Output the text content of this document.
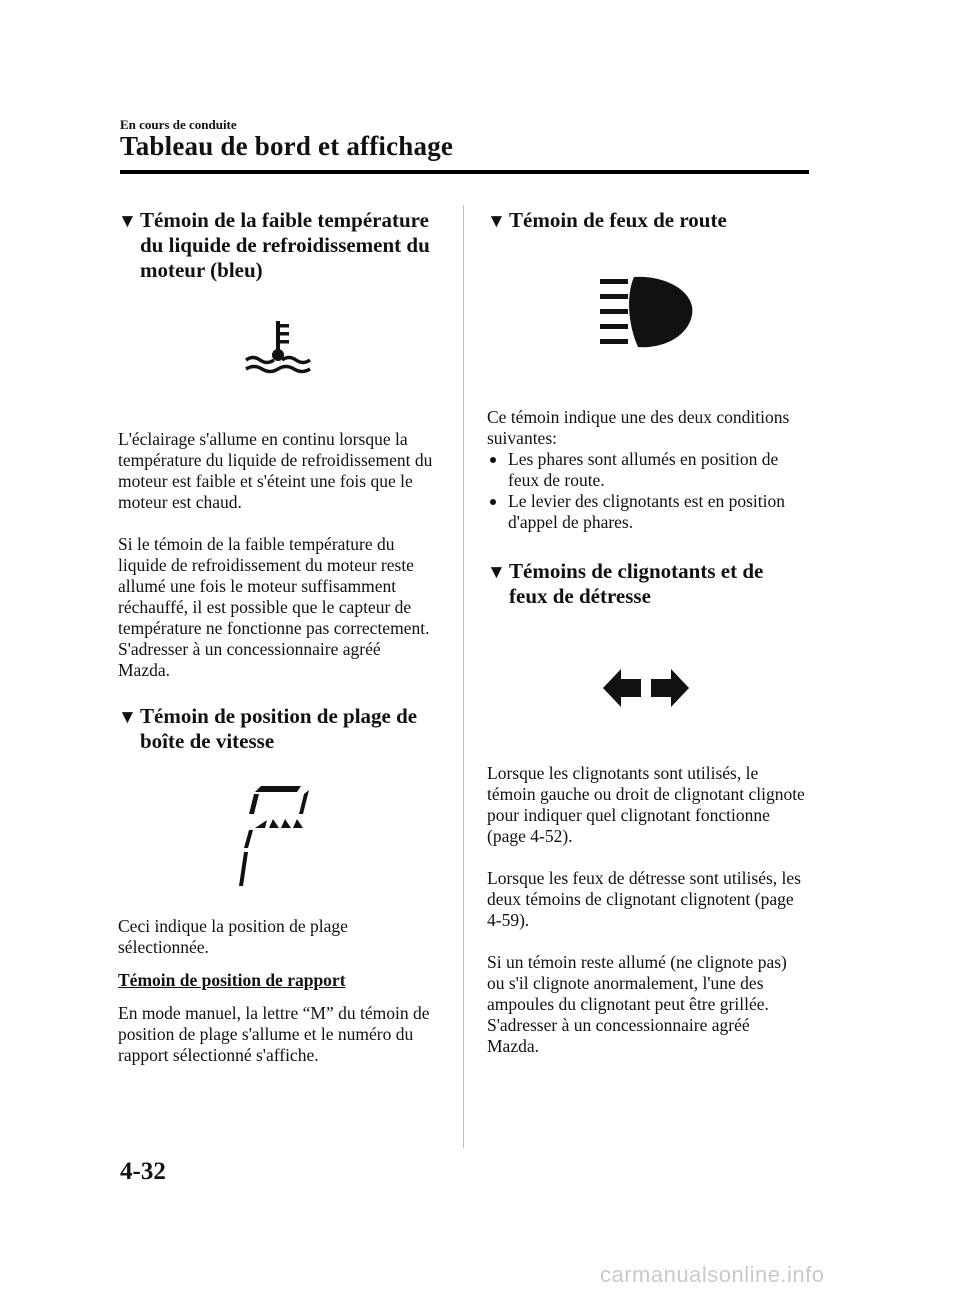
En cours de conduite
Tableau de bord et affichage
▼ Témoin de la faible température du liquide de refroidissement du moteur (bleu)

L'éclairage s'allume en continu lorsque la température du liquide de refroidissement du moteur est faible et s'éteint une fois que le moteur est chaud.

Si le témoin de la faible température du liquide de refroidissement du moteur reste allumé une fois le moteur suffisamment réchauffé, il est possible que le capteur de température ne fonctionne pas correctement. S'adresser à un concessionnaire agréé Mazda.

▼ Témoin de position de plage de boîte de vitesse

Ceci indique la position de plage sélectionnée.

Témoin de position de rapport

En mode manuel, la lettre “M” du témoin de position de plage s'allume et le numéro du rapport sélectionné s'affiche.

▼ Témoin de feux de route

Ce témoin indique une des deux conditions suivantes:

Les phares sont allumés en position de feux de route.
Le levier des clignotants est en position d'appel de phares.
▼ Témoins de clignotants et de feux de détresse

Lorsque les clignotants sont utilisés, le témoin gauche ou droit de clignotant clignote pour indiquer quel clignotant fonctionne (page 4-52).

Lorsque les feux de détresse sont utilisés, les deux témoins de clignotant clignotent (page 4-59).

Si un témoin reste allumé (ne clignote pas) ou s'il clignote anormalement, l'une des ampoules du clignotant peut être grillée. S'adresser à un concessionnaire agréé Mazda.

4-32
carmanualsonline.info
